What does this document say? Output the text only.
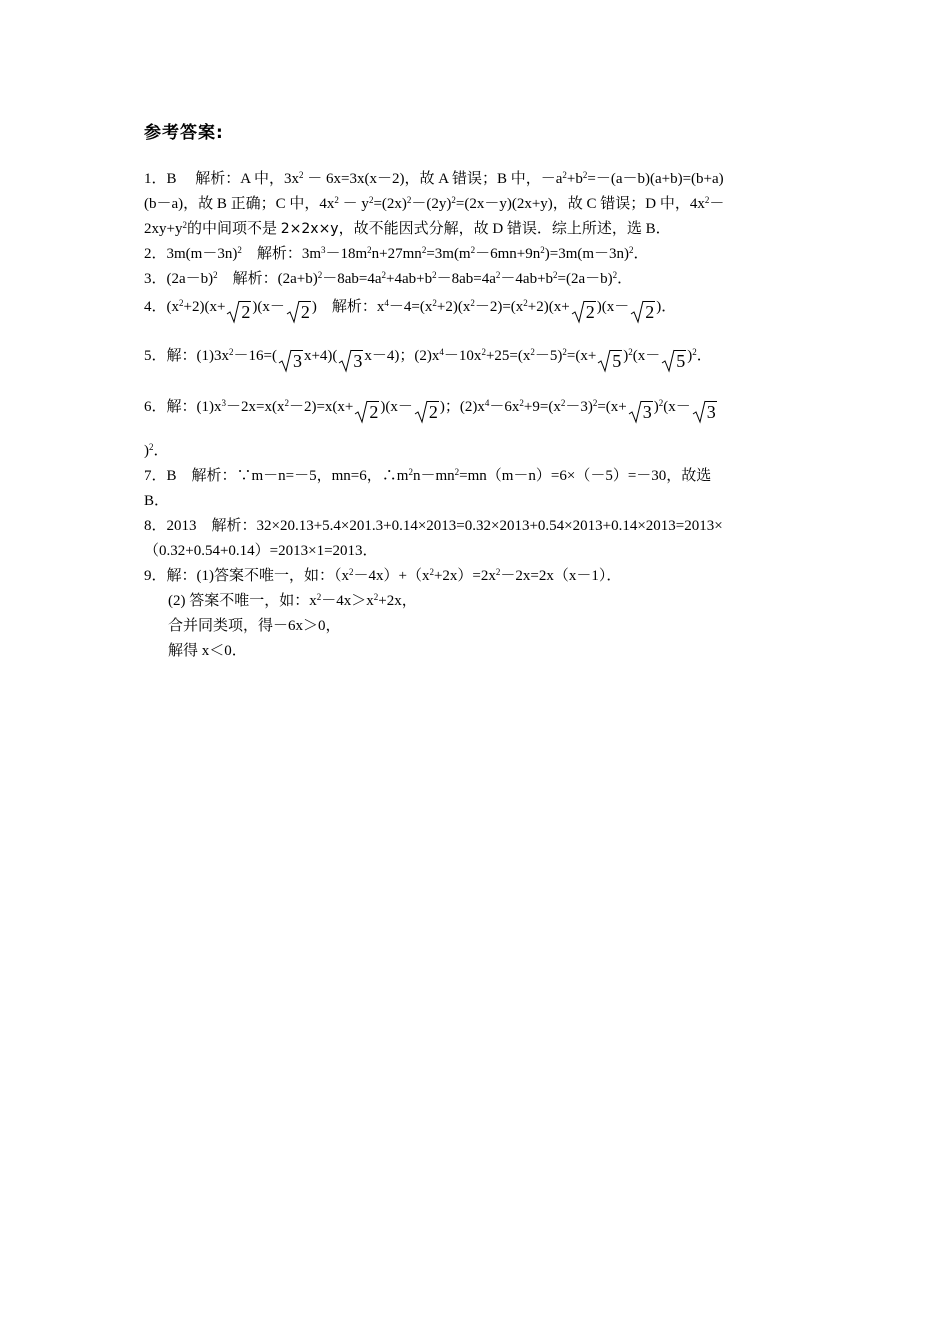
参考答案:
1．B　 解析：A 中，$3x^2 - 6x=3x(x-2)$，故 A 错误；B 中，$-a^2+b^2=-(a-b)(a+b)=(b+a)$
(b－a)，故 B 正确；C 中，$4x^2 - y^2=(2x)^2-(2y)^2=(2x-y)(2x+y)$，故 C 错误；D 中，$4x^2-$
$2xy+y^2$的中间项不是 2×2x×y，故不能因式分解，故 D 错误．综上所述，选 B．
2．$3m(m-3n)^2$　解析：$3m^3-18m^2n+27mn^2=3m(m^2-6mn+9n^2)=3m(m-3n)^2$．
3．$(2a-b)^2$　解析：$(2a+b)^2-8ab=4a^2+4ab+b^2-8ab=4a^2-4ab+b^2=(2a-b)^2$．
4．$(x^2+2)(x+ 2$ )(x－ 2 )　解析：$x^4-4=(x^2+2)(x^2-2)=(x^2+2)(x+ 2$ )(x－ 2 )．
5．解：$(1)3x^2-16=$( 3 x+4)( 3 x－4)；$(2)x^4-10x^2+25=(x^2-5)^2=(x+ 5$ )$^2$(x－ 5 )$^2$．
6．解：$(1)x^3-2x=x(x^2-2)=x(x+ 2$ )(x－ 2 )；$(2)x^4-6x^2+9=(x^2-3)^2=(x+ 3$ )$^2$(x－ 3
)$^2$．
7．B　解析：∵m－n=－5，mn=6，$\therefore m^2n-mn^2=mn(m-n)=6\times(-5)=-30$，故选
B．
8．2013　解析：32×20.13+5.4×201.3+0.14×2013=0.32×2013+0.54×2013+0.14×2013=2013×
（0.32+0.54+0.14）=2013×1=2013．
9．解：(1)答案不唯一，如：$(x^2-4x)+(x^2+2x)=2x^2-2x=2x(x-1)$．
(2) 答案不唯一，如：$x^2-4x>x^2+2x$，
合并同类项，得－6x＞0，
解得 x＜0．
